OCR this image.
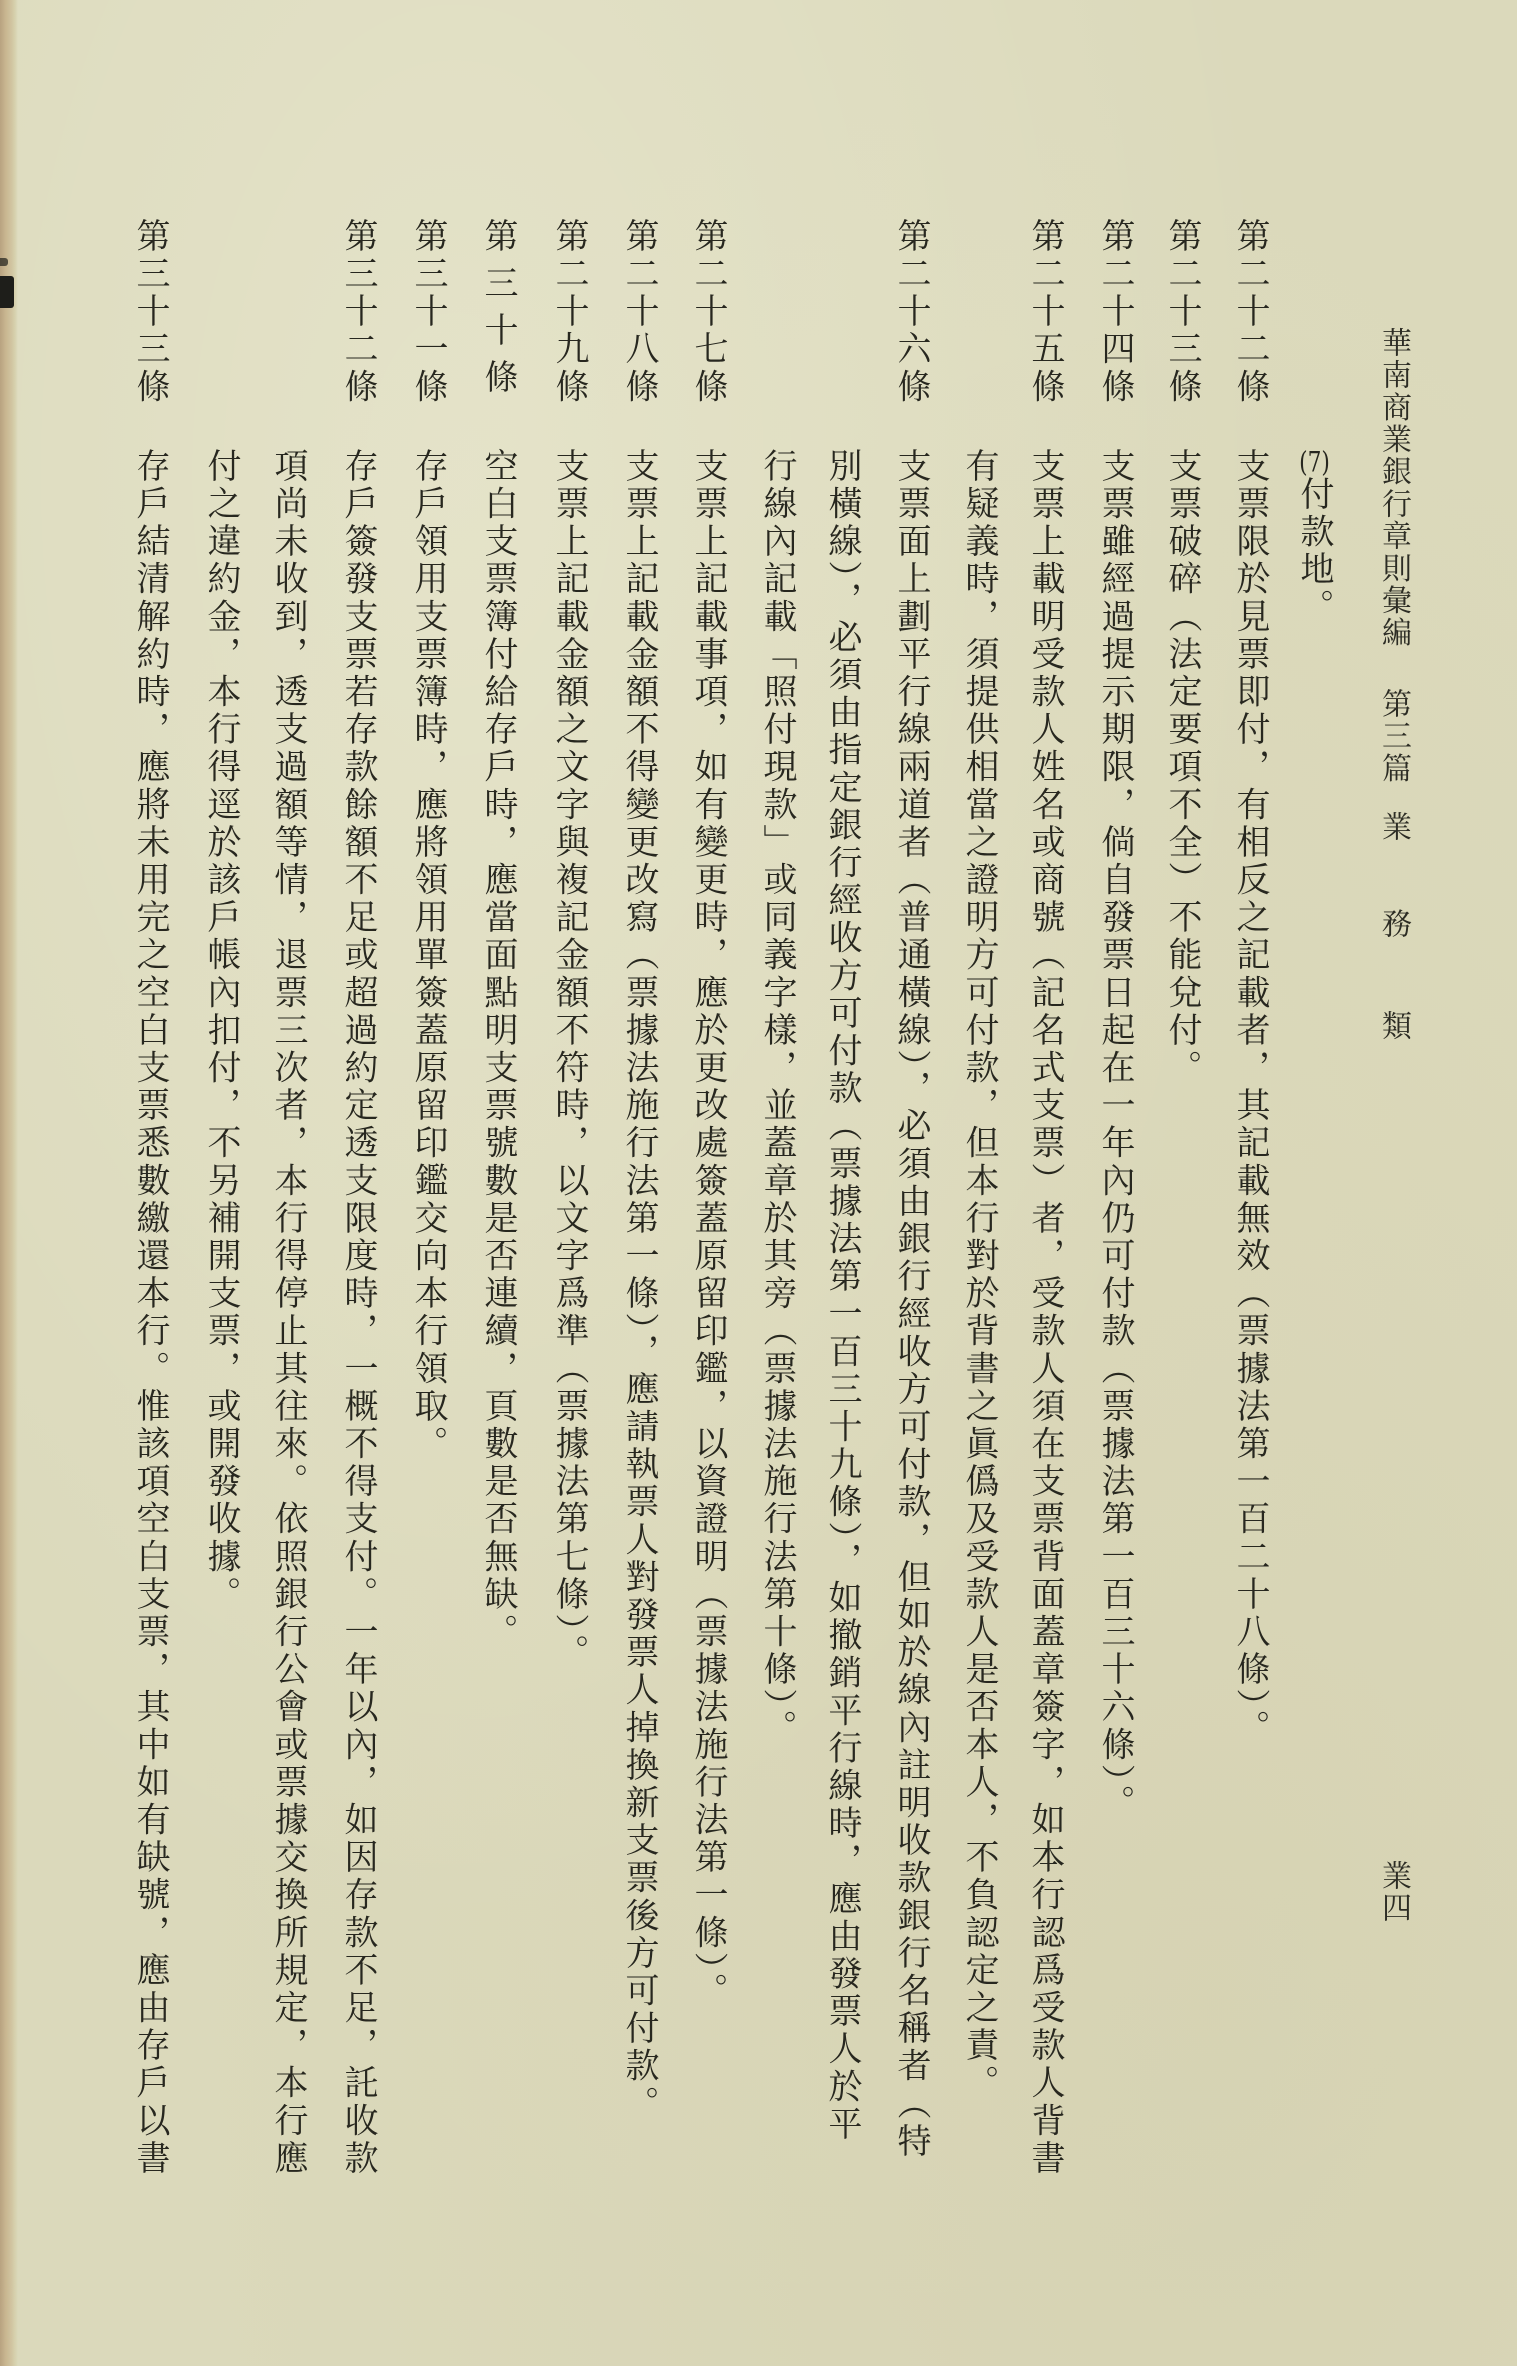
華南商業銀行章則彙編
第三篇
業
務
類
業四
(7)付款地。
第二十二條
支票限於見票即付，有相反之記載者，其記載無效（票據法第一百二十八條）。
第二十三條
支票破碎（法定要項不全）不能兌付。
第二十四條
支票雖經過提示期限，倘自發票日起在一年內仍可付款（票據法第一百三十六條）。
第二十五條
支票上載明受款人姓名或商號（記名式支票）者，受款人須在支票背面蓋章簽字，如本行認爲受款人背書
有疑義時，須提供相當之證明方可付款，但本行對於背書之眞僞及受款人是否本人，不負認定之責。
第二十六條
支票面上劃平行線兩道者（普通橫線），必須由銀行經收方可付款，但如於線內註明收款銀行名稱者（特
別橫線），必須由指定銀行經收方可付款（票據法第一百三十九條），如撤銷平行線時，應由發票人於平
行線內記載「照付現款」或同義字樣，並蓋章於其旁（票據法施行法第十條）。
第二十七條
支票上記載事項，如有變更時，應於更改處簽蓋原留印鑑，以資證明（票據法施行法第一條）。
第二十八條
支票上記載金額不得變更改寫（票據法施行法第一條），應請執票人對發票人掉換新支票後方可付款。
第二十九條
支票上記載金額之文字與複記金額不符時，以文字爲準（票據法第七條）。
第三十條
空白支票簿付給存戶時，應當面點明支票號數是否連續，頁數是否無缺。
第三十一條
存戶領用支票簿時，應將領用單簽蓋原留印鑑交向本行領取。
第三十二條
存戶簽發支票若存款餘額不足或超過約定透支限度時，一概不得支付。一年以內，如因存款不足，託收款
項尚未收到，透支過額等情，退票三次者，本行得停止其往來。依照銀行公會或票據交換所規定，本行應
付之違約金，本行得逕於該戶帳內扣付，不另補開支票，或開發收據。
第三十三條
存戶結清解約時，應將未用完之空白支票悉數繳還本行。惟該項空白支票，其中如有缺號，應由存戶以書
